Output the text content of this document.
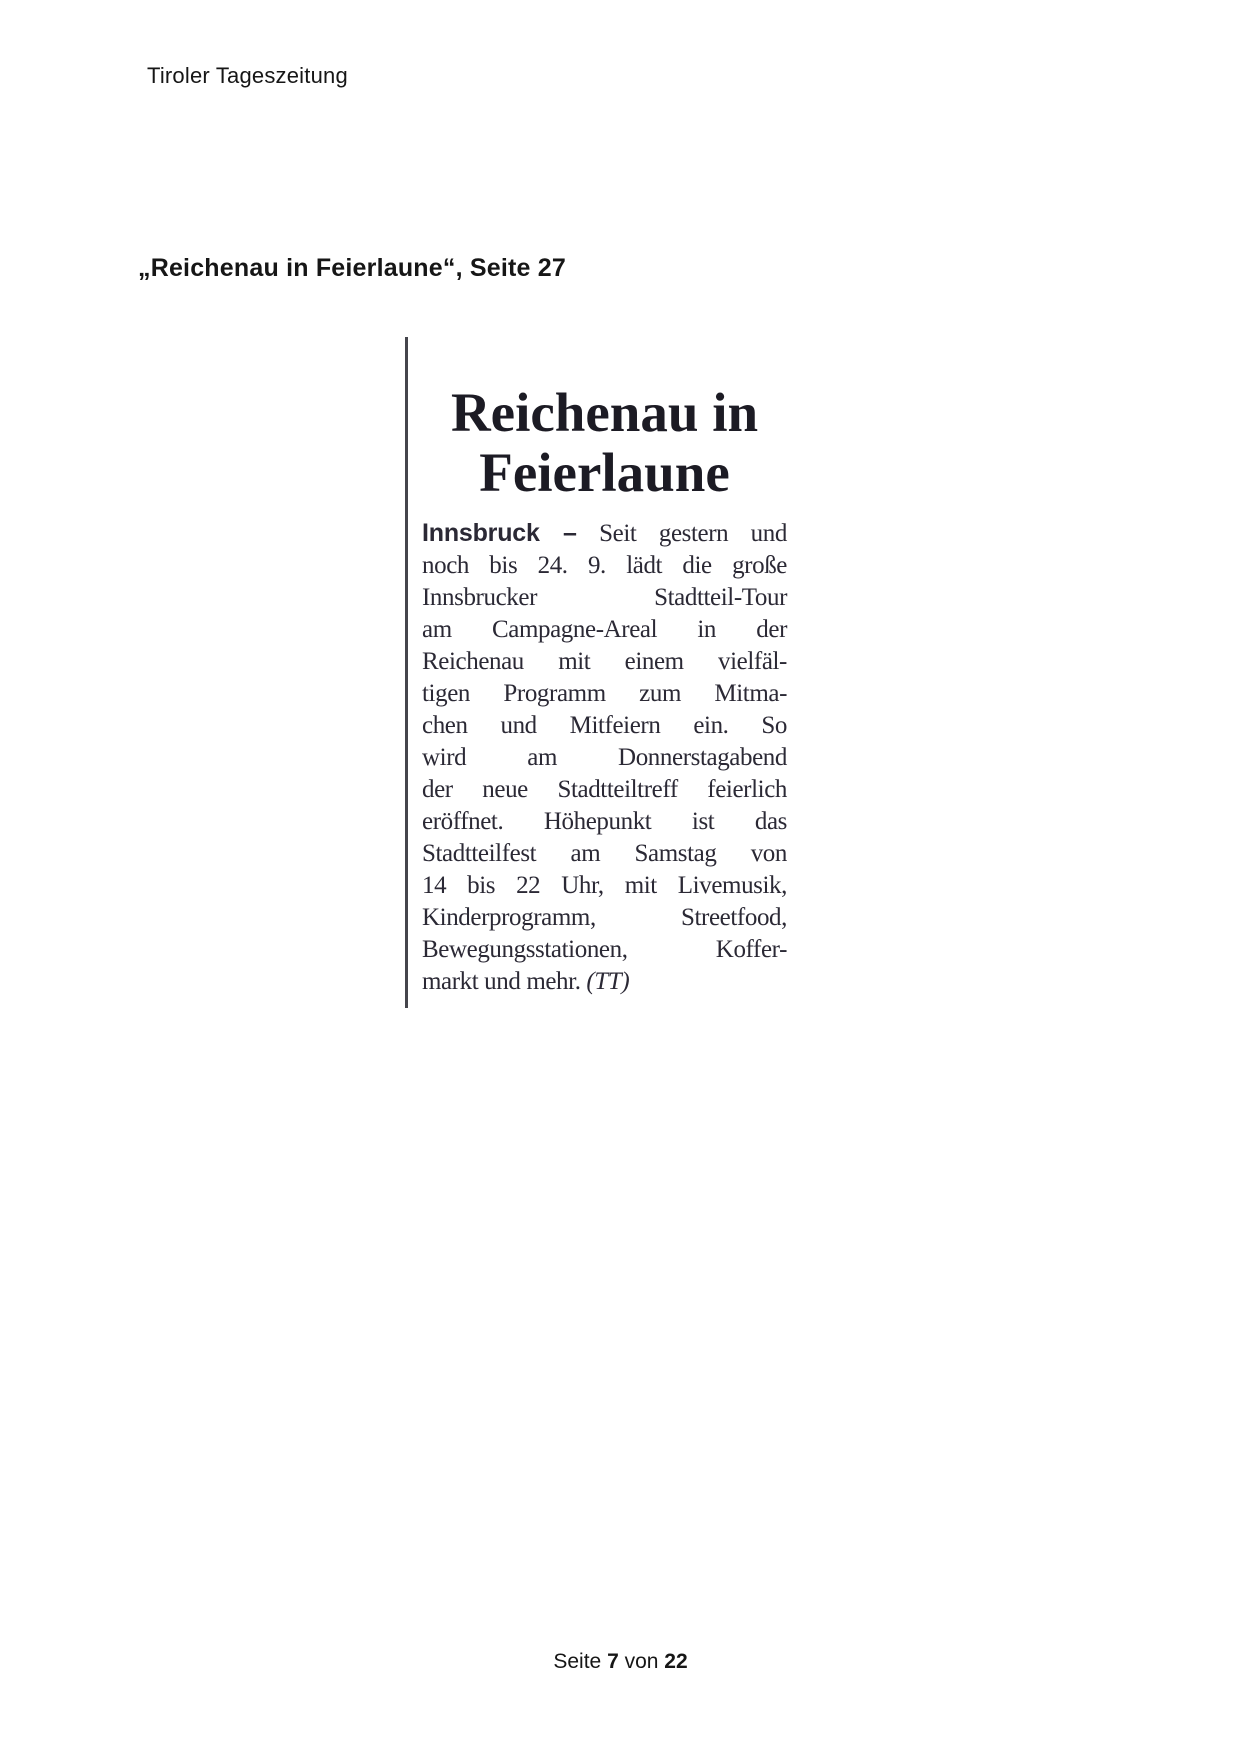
Tiroler Tageszeitung
„Reichenau in Feierlaune“, Seite 27
Reichenau in
Feierlaune
Innsbruck – Seit gestern und
noch bis 24. 9. lädt die große
Innsbrucker Stadtteil-Tour
am Campagne-Areal in der
Reichenau mit einem vielfäl-
tigen Programm zum Mitma-
chen und Mitfeiern ein. So
wird am Donnerstagabend
der neue Stadtteiltreff feierlich
eröffnet. Höhepunkt ist das
Stadtteilfest am Samstag von
14 bis 22 Uhr, mit Livemusik,
Kinderprogramm, Streetfood,
Bewegungsstationen, Koffer-
markt und mehr. (TT)
Seite 7 von 22
